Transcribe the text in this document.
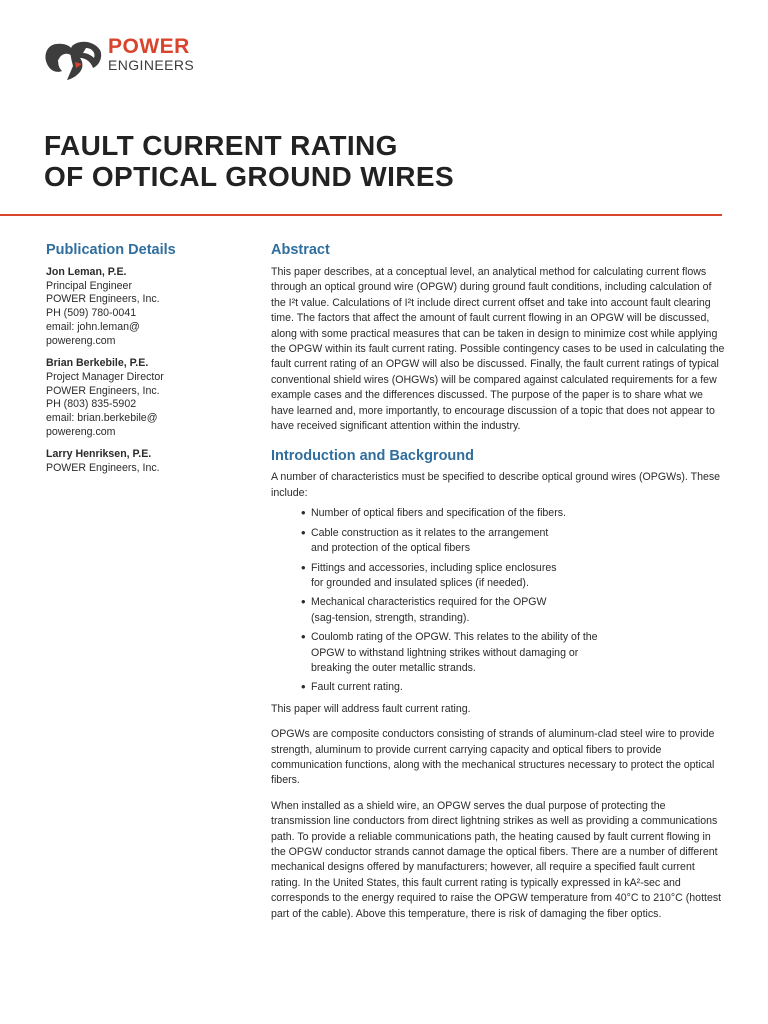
POWER
ENGINEERS
FAULT CURRENT RATING
OF OPTICAL GROUND WIRES
Publication Details
Jon Leman, P.E.
Principal Engineer
POWER Engineers, Inc.
PH (509) 780-0041
email: john.leman@
powereng.com
Brian Berkebile, P.E.
Project Manager Director
POWER Engineers, Inc.
PH (803) 835-5902
email: brian.berkebile@
powereng.com
Larry Henriksen, P.E.
POWER Engineers, Inc.
Abstract

This paper describes, at a conceptual level, an analytical method for calculating current flows through an optical ground wire (OPGW) during ground fault conditions, including calculation of the I²t value. Calculations of I²t include direct current offset and take into account fault clearing time. The factors that affect the amount of fault current flowing in an OPGW will be discussed, along with some practical measures that can be taken in design to minimize cost while applying the OPGW within its fault current rating. Possible contingency cases to be used in calculating the fault current rating of an OPGW will also be discussed. Finally, the fault current ratings of typical conventional shield wires (OHGWs) will be compared against calculated requirements for a few example cases and the differences discussed. The purpose of the paper is to share what we have learned and, more importantly, to encourage discussion of a topic that does not appear to have received significant attention within the industry.

Introduction and Background

A number of characteristics must be specified to describe optical ground wires (OPGWs). These include:

• Number of optical fibers and specification of the fibers.
• Cable construction as it relates to the arrangement and protection of the optical fibers
• Fittings and accessories, including splice enclosures for grounded and insulated splices (if needed).
• Mechanical characteristics required for the OPGW (sag-tension, strength, stranding).
• Coulomb rating of the OPGW. This relates to the ability of the OPGW to withstand lightning strikes without damaging or breaking the outer metallic strands.
• Fault current rating.

This paper will address fault current rating.

OPGWs are composite conductors consisting of strands of aluminum-clad steel wire to provide strength, aluminum to provide current carrying capacity and optical fibers to provide communication functions, along with the mechanical structures necessary to protect the optical fibers.

When installed as a shield wire, an OPGW serves the dual purpose of protecting the transmission line conductors from direct lightning strikes as well as providing a communications path. To provide a reliable communications path, the heating caused by fault current flowing in the OPGW conductor strands cannot damage the optical fibers. There are a number of different mechanical designs offered by manufacturers; however, all require a specified fault current rating. In the United States, this fault current rating is typically expressed in kA²-sec and corresponds to the energy required to raise the OPGW temperature from 40°C to 210°C (hottest part of the cable). Above this temperature, there is risk of damaging the fiber optics.
